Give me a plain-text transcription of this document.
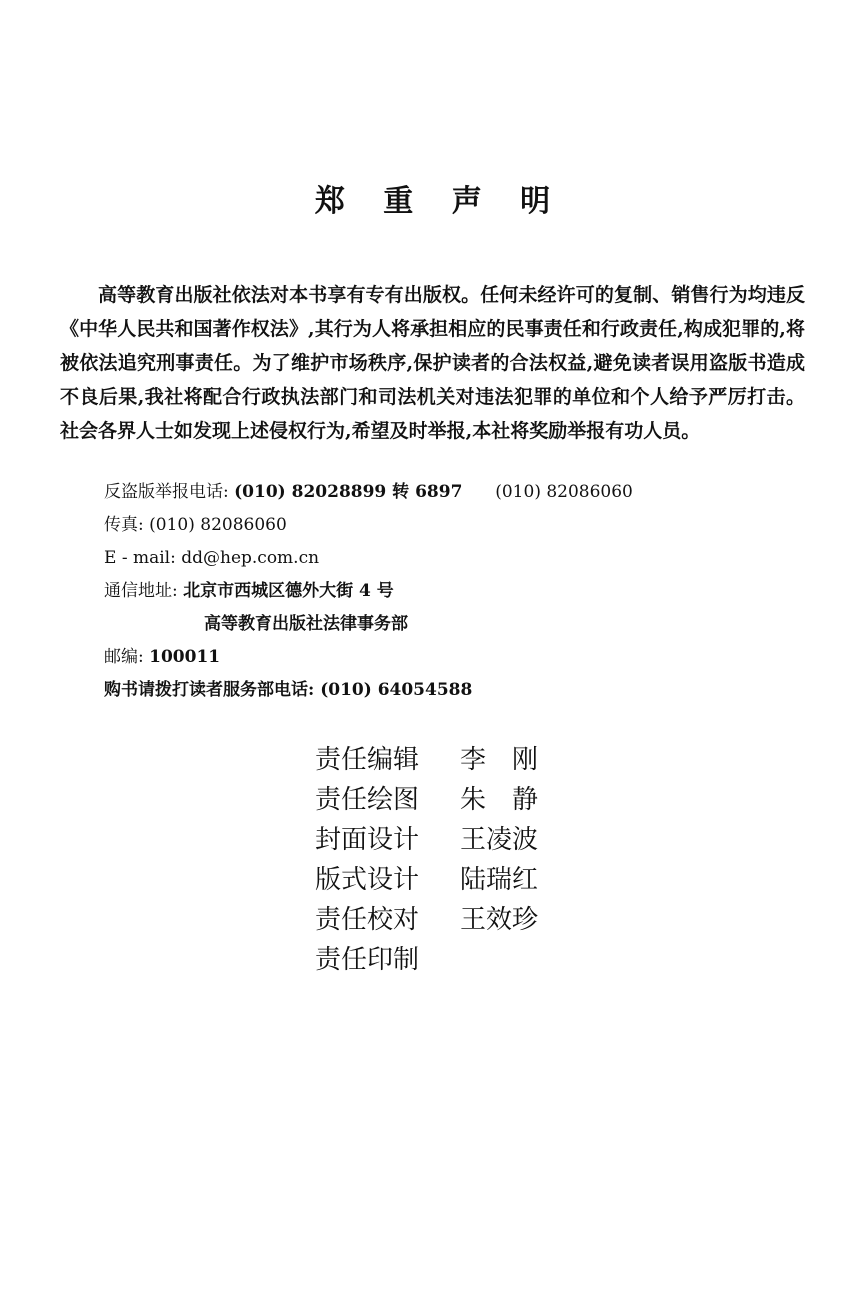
郑 重 声 明

高等教育出版社依法对本书享有专有出版权。任何未经许可的复制、销售行为均违反《中华人民共和国著作权法》,其行为人将承担相应的民事责任和行政责任,构成犯罪的,将被依法追究刑事责任。为了维护市场秩序,保护读者的合法权益,避免读者误用盗版书造成不良后果,我社将配合行政执法部门和司法机关对违法犯罪的单位和个人给予严厉打击。社会各界人士如发现上述侵权行为,希望及时举报,本社将奖励举报有功人员。

反盗版举报电话: (010) 82028899 转 6897 (010) 82086060
传真: (010) 82086060
E - mail: dd@hep.com.cn
通信地址: 北京市西城区德外大街 4 号
高等教育出版社法律事务部
邮编: 100011
购书请拨打读者服务部电话: (010) 64054588
责任编辑 李　刚
责任绘图 朱　静
封面设计 王凌波
版式设计 陆瑞红
责任校对 王效珍
责任印制
